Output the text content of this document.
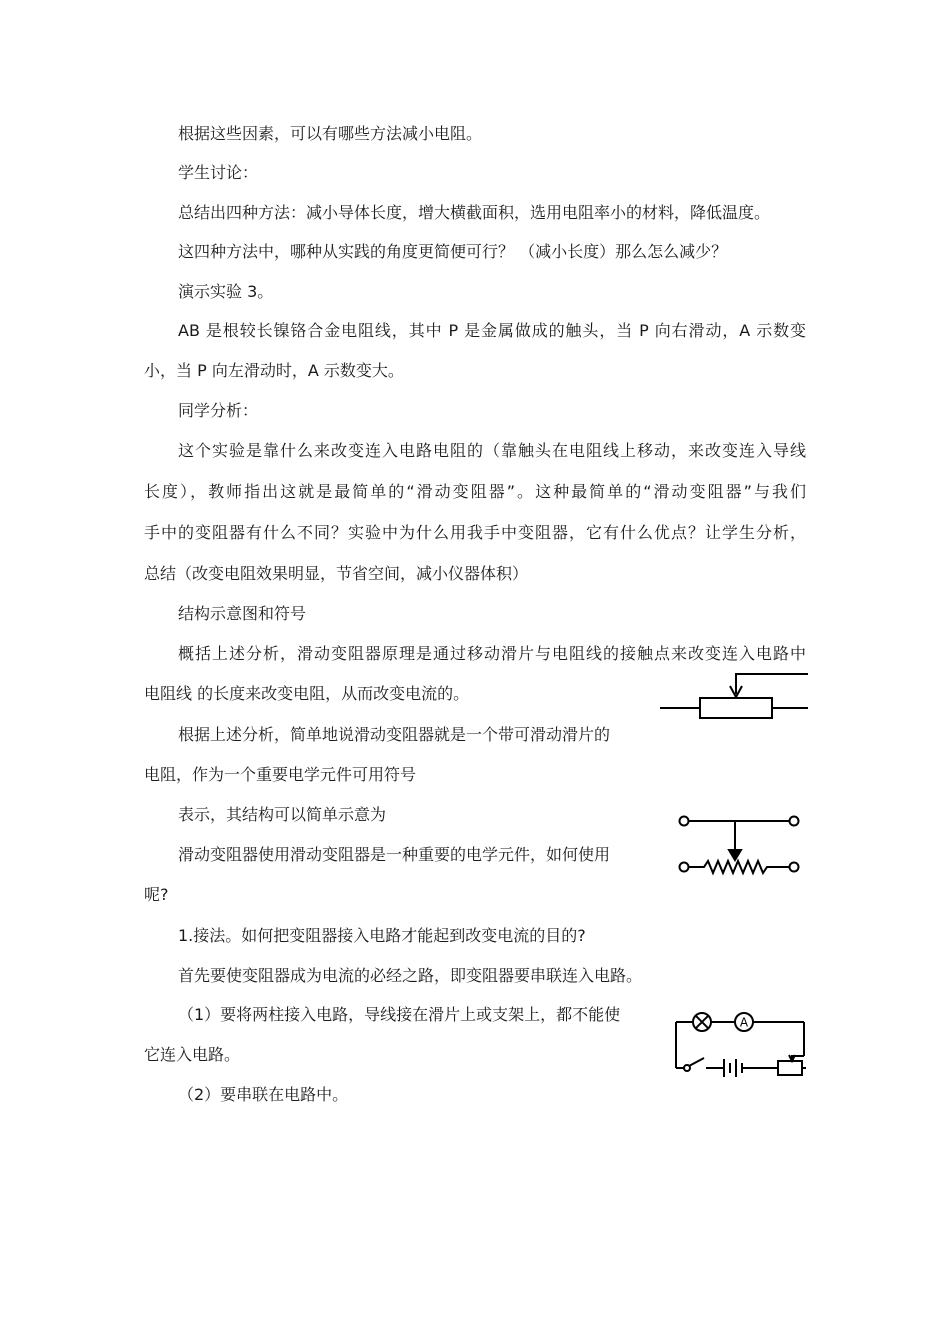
根据这些因素，可以有哪些方法减小电阻。
学生讨论：
总结出四种方法：减小导体长度，增大横截面积，选用电阻率小的材料，降低温度。
这四种方法中，哪种从实践的角度更简便可行？ （减小长度）那么怎么减少？
演示实验 3。
AB 是根较长镍铬合金电阻线，其中 P 是金属做成的触头，当 P 向右滑动，A 示数变
小，当 P 向左滑动时，A 示数变大。
同学分析：
这个实验是靠什么来改变连入电路电阻的（靠触头在电阻线上移动，来改变连入导线
长度），教师指出这就是最简单的“滑动变阻器”。这种最简单的“滑动变阻器”与我们
手中的变阻器有什么不同？实验中为什么用我手中变阻器，它有什么优点？让学生分析，
总结（改变电阻效果明显，节省空间，减小仪器体积）
结构示意图和符号
概括上述分析，滑动变阻器原理是通过移动滑片与电阻线的接触点来改变连入电路中
电阻线 的长度来改变电阻，从而改变电流的。
根据上述分析，简单地说滑动变阻器就是一个带可滑动滑片的
电阻，作为一个重要电学元件可用符号
表示，其结构可以简单示意为
滑动变阻器使用滑动变阻器是一种重要的电学元件，如何使用
呢?
1.接法。如何把变阻器接入电路才能起到改变电流的目的?
首先要使变阻器成为电流的必经之路，即变阻器要串联连入电路。
（1）要将两柱接入电路，导线接在滑片上或支架上，都不能使
它连入电路。
（2）要串联在电路中。
A
